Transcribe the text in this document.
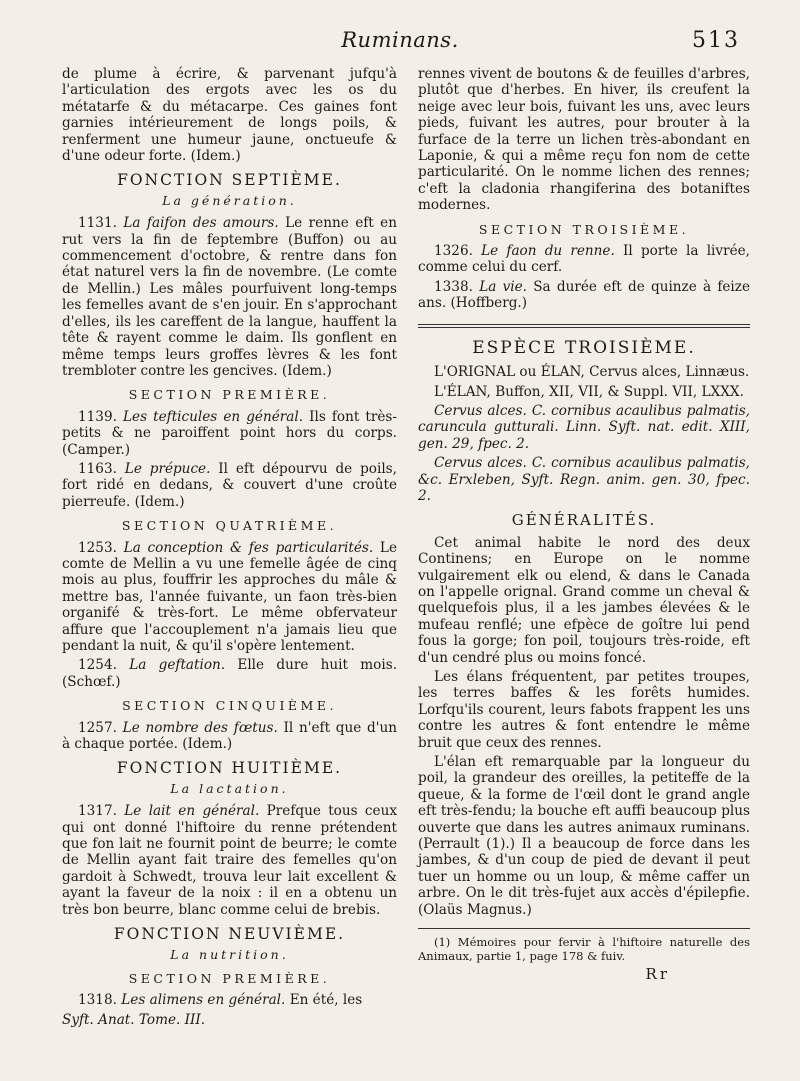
Ruminans.	513

de plume à écrire, & parvenant jufqu'à l'articulation des ergots avec les os du métatarfe & du métacarpe. Ces gaines font garnies intérieurement de longs poils, & renferment une humeur jaune, onctueufe & d'une odeur forte. (Idem.)

FONCTION SEPTIÈME.
La génération.

1131. La faifon des amours. Le renne eft en rut vers la fin de feptembre (Buffon) ou au commencement d'octobre, & rentre dans fon état naturel vers la fin de novembre. (Le comte de Mellin.) Les mâles pourfuivent long-temps les femelles avant de s'en jouir. En s'approchant d'elles, ils les careffent de la langue, hauffent la tête & rayent comme le daim. Ils gonflent en même temps leurs groffes lèvres & les font trembloter contre les gencives. (Idem.)

SECTION PREMIÈRE.

1139. Les tefticules en général. Ils font très-petits & ne paroiffent point hors du corps. (Camper.)

1163. Le prépuce. Il eft dépourvu de poils, fort ridé en dedans, & couvert d'une croûte pierreufe. (Idem.)

SECTION QUATRIÈME.

1253. La conception & fes particularités. Le comte de Mellin a vu une femelle âgée de cinq mois au plus, fouffrir les approches du mâle & mettre bas, l'année fuivante, un faon très-bien organifé & très-fort. Le même obfervateur affure que l'accouplement n'a jamais lieu que pendant la nuit, & qu'il s'opère lentement.

1254. La geftation. Elle dure huit mois. (Schœf.)

SECTION CINQUIÈME.

1257. Le nombre des fœtus. Il n'eft que d'un à chaque portée. (Idem.)

FONCTION HUITIÈME.
La lactation.

1317. Le lait en général. Prefque tous ceux qui ont donné l'hiftoire du renne prétendent que fon lait ne fournit point de beurre; le comte de Mellin ayant fait traire des femelles qu'on gardoit à Schwedt, trouva leur lait excellent & ayant la faveur de la noix : il en a obtenu un très bon beurre, blanc comme celui de brebis.

FONCTION NEUVIÈME.
La nutrition.
SECTION PREMIÈRE.

1318. Les alimens en général. En été, les

Syft. Anat. Tome. III.

rennes vivent de boutons & de feuilles d'arbres, plutôt que d'herbes. En hiver, ils creufent la neige avec leur bois, fuivant les uns, avec leurs pieds, fuivant les autres, pour brouter à la furface de la terre un lichen très-abondant en Laponie, & qui a même reçu fon nom de cette particularité. On le nomme lichen des rennes; c'eft la cladonia rhangiferina des botaniftes modernes.

SECTION TROISIÈME.

1326. Le faon du renne. Il porte la livrée, comme celui du cerf.

1338. La vie. Sa durée eft de quinze à feize ans. (Hoffberg.)

ESPÈCE TROISIÈME.

L'ORIGNAL ou ÉLAN, Cervus alces, Linnæus.

L'ÉLAN, Buffon, XII, VII, & Suppl. VII, LXXX.

Cervus alces. C. cornibus acaulibus palmatis, caruncula gutturali. Linn. Syft. nat. edit. XIII, gen. 29, fpec. 2.

Cervus alces. C. cornibus acaulibus palmatis, &c. Erxleben, Syft. Regn. anim. gen. 30, fpec. 2.

GÉNÉRALITÉS.

Cet animal habite le nord des deux Continens; en Europe on le nomme vulgairement elk ou elend, & dans le Canada on l'appelle orignal. Grand comme un cheval & quelquefois plus, il a les jambes élevées & le mufeau renflé; une efpèce de goître lui pend fous la gorge; fon poil, toujours très-roide, eft d'un cendré plus ou moins foncé.

Les élans fréquentent, par petites troupes, les terres baffes & les forêts humides. Lorfqu'ils courent, leurs fabots frappent les uns contre les autres & font entendre le même bruit que ceux des rennes.

L'élan eft remarquable par la longueur du poil, la grandeur des oreilles, la petiteffe de la queue, & la forme de l'œil dont le grand angle eft très-fendu; la bouche eft auffi beaucoup plus ouverte que dans les autres animaux ruminans. (Perrault (1).) Il a beaucoup de force dans les jambes, & d'un coup de pied de devant il peut tuer un homme ou un loup, & même caffer un arbre. On le dit très-fujet aux accès d'épilepfie. (Olaüs Magnus.)

(1) Mémoires pour fervir à l'hiftoire naturelle des Animaux, partie 1, page 178 & fuiv.

Rr
